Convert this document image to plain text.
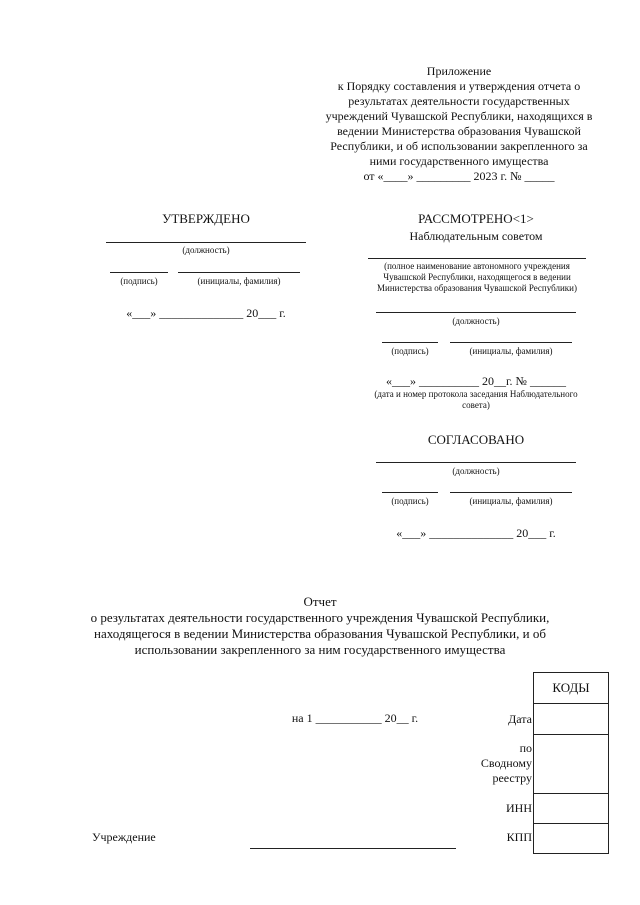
Приложение
к Порядку составления и утверждения отчета о
результатах деятельности государственных
учреждений Чувашской Республики, находящихся в
ведении Министерства образования Чувашской
Республики, и об использовании закрепленного за
ними государственного имущества
от «____» _________ 2023 г. № _____
УТВЕРЖДЕНО
(должность)
(подпись)	(инициалы, фамилия)
«___» ______________ 20___ г.
РАССМОТРЕНО<1>
Наблюдательным советом
(полное наименование автономного учреждения
Чувашской Республики, находящегося в ведении
Министерства образования Чувашской Республики)
(должность)
(подпись)	(инициалы, фамилия)
«___» __________ 20__г. № ______
(дата и номер протокола заседания Наблюдательного
совета)
СОГЛАСОВАНО
(должность)
(подпись)	(инициалы, фамилия)
«___» ______________ 20___ г.
Отчет
о результатах деятельности государственного учреждения Чувашской Республики,
находящегося в ведении Министерства образования Чувашской Республики, и об
использовании закрепленного за ним государственного имущества
КОДЫ

на 1 ___________ 20__ г.	Дата
по
Сводному
реестру
ИНН
КПП
Учреждение
